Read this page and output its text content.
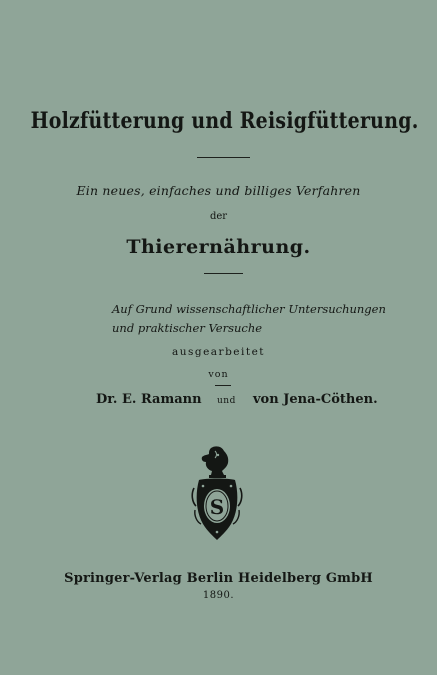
Holzfütterung und Reisigfütterung.
Ein neues, einfaches und billiges Verfahren
der
Thierernährung.
Auf Grund wissenschaftlicher Untersuchungen
und praktischer Versuche
ausgearbeitet
von
Dr. E. Ramann und von Jena-Cöthen.
S
Springer-Verlag Berlin Heidelberg GmbH
1890.
